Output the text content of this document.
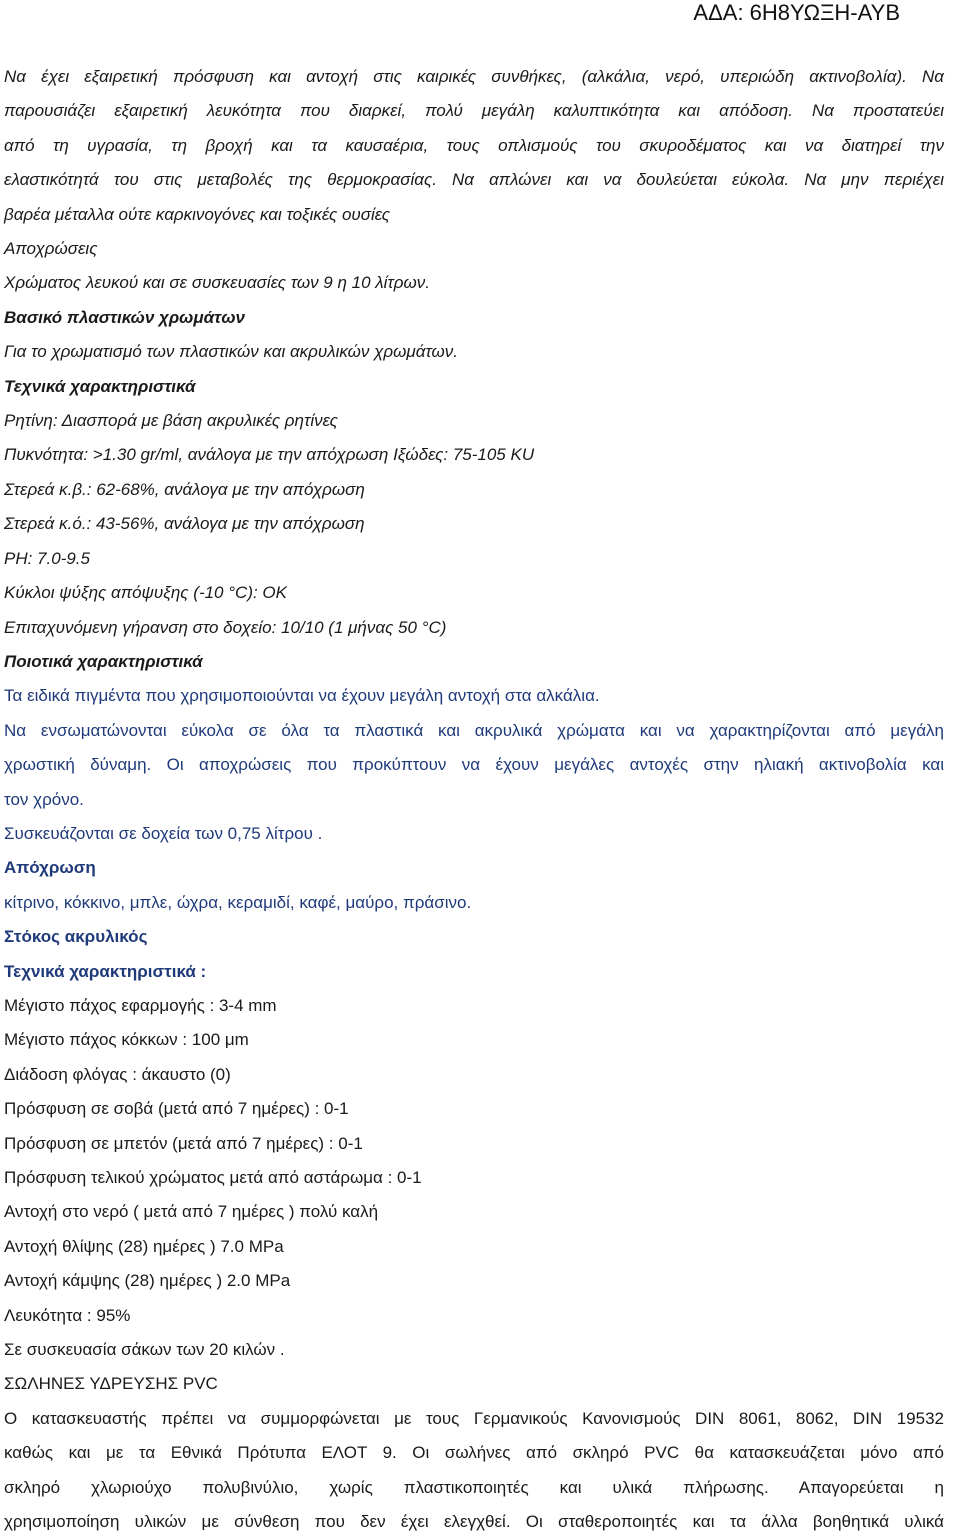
ΑΔΑ: 6Η8ΥΩΞΗ-ΑΥΒ
Να έχει εξαιρετική πρόσφυση και αντοχή στις καιρικές συνθήκες, (αλκάλια, νερό, υπεριώδη ακτινοβολία). Να
παρουσιάζει εξαιρετική λευκότητα που διαρκεί, πολύ μεγάλη καλυπτικότητα και απόδοση. Να προστατεύει
από τη υγρασία, τη βροχή και τα καυσαέρια, τους οπλισμούς του σκυροδέματος και να διατηρεί την
ελαστικότητά του στις μεταβολές της θερμοκρασίας. Να απλώνει και να δουλεύεται εύκολα. Να μην περιέχει
βαρέα μέταλλα ούτε καρκινογόνες και τοξικές ουσίες
Αποχρώσεις
Χρώματος λευκού και σε συσκευασίες των 9 η 10 λίτρων.
Βασικό πλαστικών χρωμάτων
Για το χρωματισμό των πλαστικών και ακρυλικών χρωμάτων.
Τεχνικά χαρακτηριστικά
Ρητίνη: Διασπορά με βάση ακρυλικές ρητίνες
Πυκνότητα: >1.30 gr/ml, ανάλογα με την απόχρωση Ιξώδες: 75-105 KU
Στερεά κ.β.: 62-68%, ανάλογα με την απόχρωση
Στερεά κ.ό.: 43-56%, ανάλογα με την απόχρωση
PH: 7.0-9.5
Κύκλοι ψύξης απόψυξης (-10 °C): OK
Επιταχυνόμενη γήρανση στο δοχείο: 10/10 (1 μήνας 50 °C)
Ποιοτικά χαρακτηριστικά
Τα ειδικά πιγμέντα που χρησιμοποιούνται να έχουν μεγάλη αντοχή στα αλκάλια.
Να ενσωματώνονται εύκολα σε όλα τα πλαστικά και ακρυλικά χρώματα και να χαρακτηρίζονται από μεγάλη
χρωστική δύναμη. Οι αποχρώσεις που προκύπτουν να έχουν μεγάλες αντοχές στην ηλιακή ακτινοβολία και
τον χρόνο.
Συσκευάζονται σε δοχεία των 0,75 λίτρου .
Απόχρωση
κίτρινο, κόκκινο, μπλε, ώχρα, κεραμιδί, καφέ, μαύρο, πράσινο.
Στόκος ακρυλικός
Τεχνικά χαρακτηριστικά :
Μέγιστο πάχος εφαρμογής : 3-4 mm
Μέγιστο πάχος κόκκων : 100 μm
Διάδοση φλόγας : άκαυστο (0)
Πρόσφυση σε σοβά (μετά από 7 ημέρες) : 0-1
Πρόσφυση σε μπετόν (μετά από 7 ημέρες) : 0-1
Πρόσφυση τελικού χρώματος μετά από αστάρωμα : 0-1
Αντοχή στο νερό ( μετά από 7 ημέρες ) πολύ καλή
Αντοχή θλίψης (28) ημέρες ) 7.0 MPa
Αντοχή κάμψης (28) ημέρες ) 2.0 MPa
Λευκότητα : 95%
Σε συσκευασία σάκων των 20 κιλών .
ΣΩΛΗΝΕΣ ΥΔΡΕΥΣΗΣ PVC
Ο κατασκευαστής πρέπει να συμμορφώνεται με τους Γερμανικούς Κανονισμούς DIN 8061, 8062, DIN 19532
καθώς και με τα Εθνικά Πρότυπα ΕΛΟΤ 9. Οι σωλήνες από σκληρό PVC θα κατασκευάζεται μόνο από
σκληρό χλωριούχο πολυβινύλιο, χωρίς πλαστικοποιητές και υλικά πλήρωσης. Απαγορεύεται η
χρησιμοποίηση υλικών με σύνθεση που δεν έχει ελεγχθεί. Οι σταθεροποιητές και τα άλλα βοηθητικά υλικά
